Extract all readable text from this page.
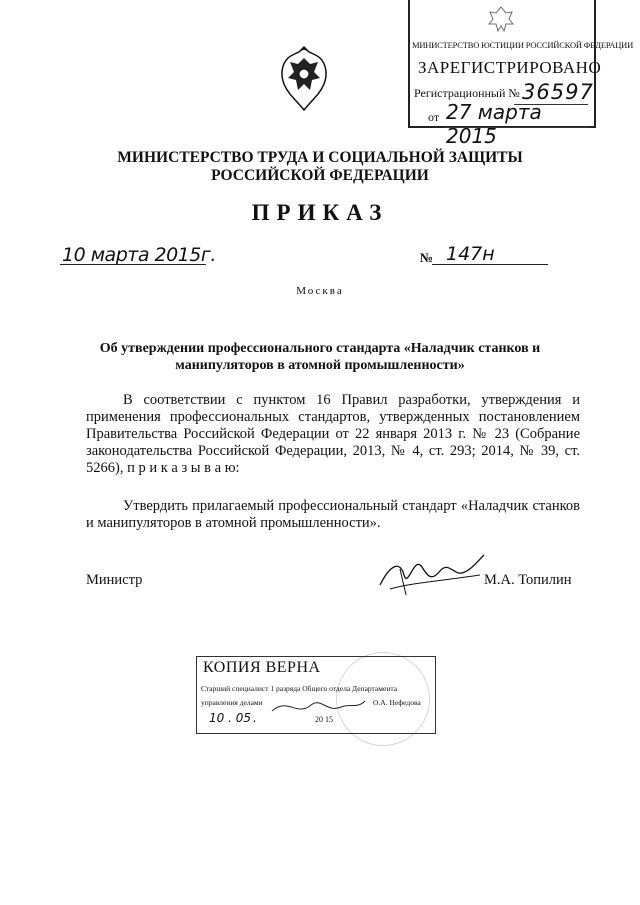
МИНИСТЕРСТВО ЮСТИЦИИ РОССИЙСКОЙ ФЕДЕРАЦИИ
ЗАРЕГИСТРИРОВАНО
Регистрационный № 36597
от 27 марта 2015
МИНИСТЕРСТВО ТРУДА И СОЦИАЛЬНОЙ ЗАЩИТЫ РОССИЙСКОЙ ФЕДЕРАЦИИ
ПРИКАЗ
10 марта 2015г.	№ 147н
Москва
Об утверждении профессионального стандарта «Наладчик станков и манипуляторов в атомной промышленности»
В соответствии с пунктом 16 Правил разработки, утверждения и применения профессиональных стандартов, утвержденных постановлением Правительства Российской Федерации от 22 января 2013 г. № 23 (Собрание законодательства Российской Федерации, 2013, № 4, ст. 293; 2014, № 39, ст. 5266), п р и к а з ы в а ю:
Утвердить прилагаемый профессиональный стандарт «Наладчик станков и манипуляторов в атомной промышленности».
Министр	М.А. Топилин
КОПИЯ ВЕРНА
Старший специалист 1 разряда Общего отдела Департамента
управления делами	О.А. Нефедова
10 . 05 .	20 15
